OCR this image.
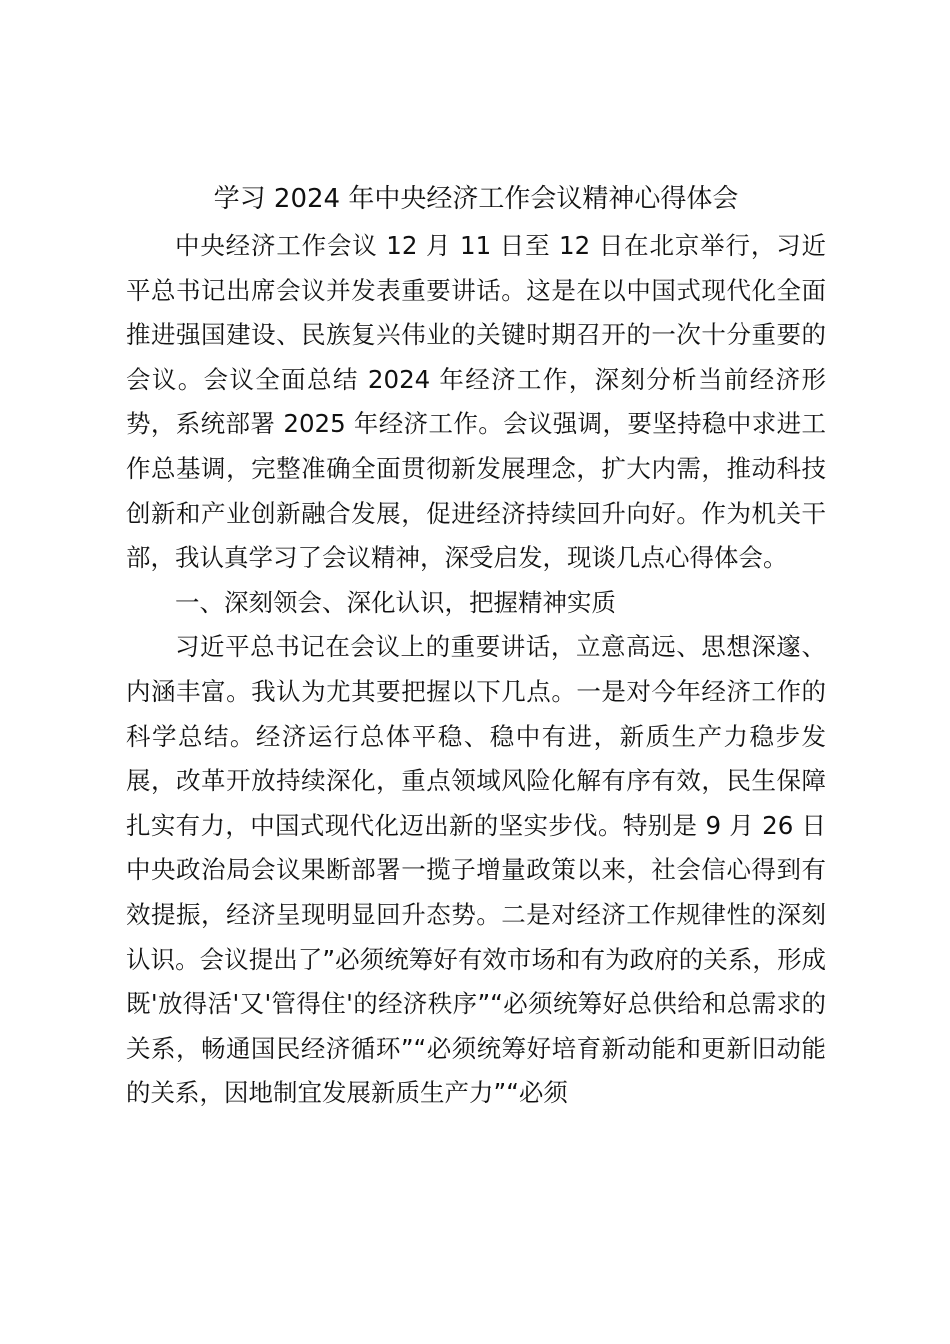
学习 2024 年中央经济工作会议精神心得体会

中央经济工作会议 12 月 11 日至 12 日在北京举行，习近平总书记出席会议并发表重要讲话。这是在以中国式现代化全面推进强国建设、民族复兴伟业的关键时期召开的一次十分重要的会议。会议全面总结 2024 年经济工作，深刻分析当前经济形势，系统部署 2025 年经济工作。会议强调，要坚持稳中求进工作总基调，完整准确全面贯彻新发展理念，扩大内需，推动科技创新和产业创新融合发展，促进经济持续回升向好。作为机关干部，我认真学习了会议精神，深受启发，现谈几点心得体会。

一、深刻领会、深化认识，把握精神实质

习近平总书记在会议上的重要讲话，立意高远、思想深邃、内涵丰富。我认为尤其要把握以下几点。一是对今年经济工作的科学总结。经济运行总体平稳、稳中有进，新质生产力稳步发展，改革开放持续深化，重点领域风险化解有序有效，民生保障扎实有力，中国式现代化迈出新的坚实步伐。特别是 9 月 26 日中央政治局会议果断部署一揽子增量政策以来，社会信心得到有效提振，经济呈现明显回升态势。二是对经济工作规律性的深刻认识。会议提出了”必须统筹好有效市场和有为政府的关系，形成既'放得活'又'管得住'的经济秩序”“必须统筹好总供给和总需求的关系，畅通国民经济循环”“必须统筹好培育新动能和更新旧动能的关系，因地制宜发展新质生产力”“必须
